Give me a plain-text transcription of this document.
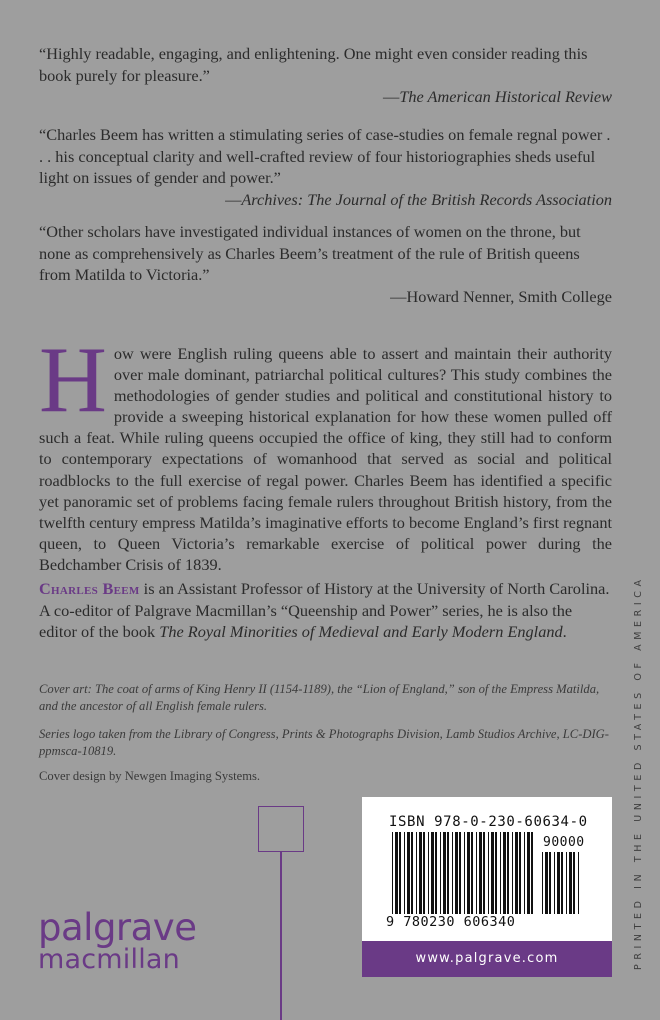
“Highly readable, engaging, and enlightening. One might even consider reading this book purely for pleasure.”
—The American Historical Review
“Charles Beem has written a stimulating series of case-studies on female regnal power . . . his conceptual clarity and well-crafted review of four historiographies sheds useful light on issues of gender and power.”
—Archives: The Journal of the British Records Association
“Other scholars have investigated individual instances of women on the throne, but none as comprehensively as Charles Beem’s treatment of the rule of British queens from Matilda to Victoria.”
—Howard Nenner, Smith College
How were English ruling queens able to assert and maintain their authority over male dominant, patriarchal political cultures? This study combines the methodologies of gender studies and political and constitutional history to provide a sweeping historical explanation for how these women pulled off such a feat. While ruling queens occupied the office of king, they still had to conform to contemporary expectations of womanhood that served as social and political roadblocks to the full exercise of regal power. Charles Beem has identified a specific yet panoramic set of problems facing female rulers throughout British history, from the twelfth century empress Matilda’s imaginative efforts to become England’s first regnant queen, to Queen Victoria’s remarkable exercise of political power during the Bedchamber Crisis of 1839.
Charles Beem is an Assistant Professor of History at the University of North Carolina. A co-editor of Palgrave Macmillan’s “Queenship and Power” series, he is also the editor of the book The Royal Minorities of Medieval and Early Modern England.
Cover art: The coat of arms of King Henry II (1154-1189), the “Lion of England,” son of the Empress Matilda, and the ancestor of all English female rulers.
Series logo taken from the Library of Congress, Prints & Photographs Division, Lamb Studios Archive, LC-DIG-ppmsca-10819.
Cover design by Newgen Imaging Systems.
palgrave
macmillan
ISBN 978-0-230-60634-0
90000
9 780230 606340
www.palgrave.com	PRINTED IN THE UNITED STATES OF AMERICA
